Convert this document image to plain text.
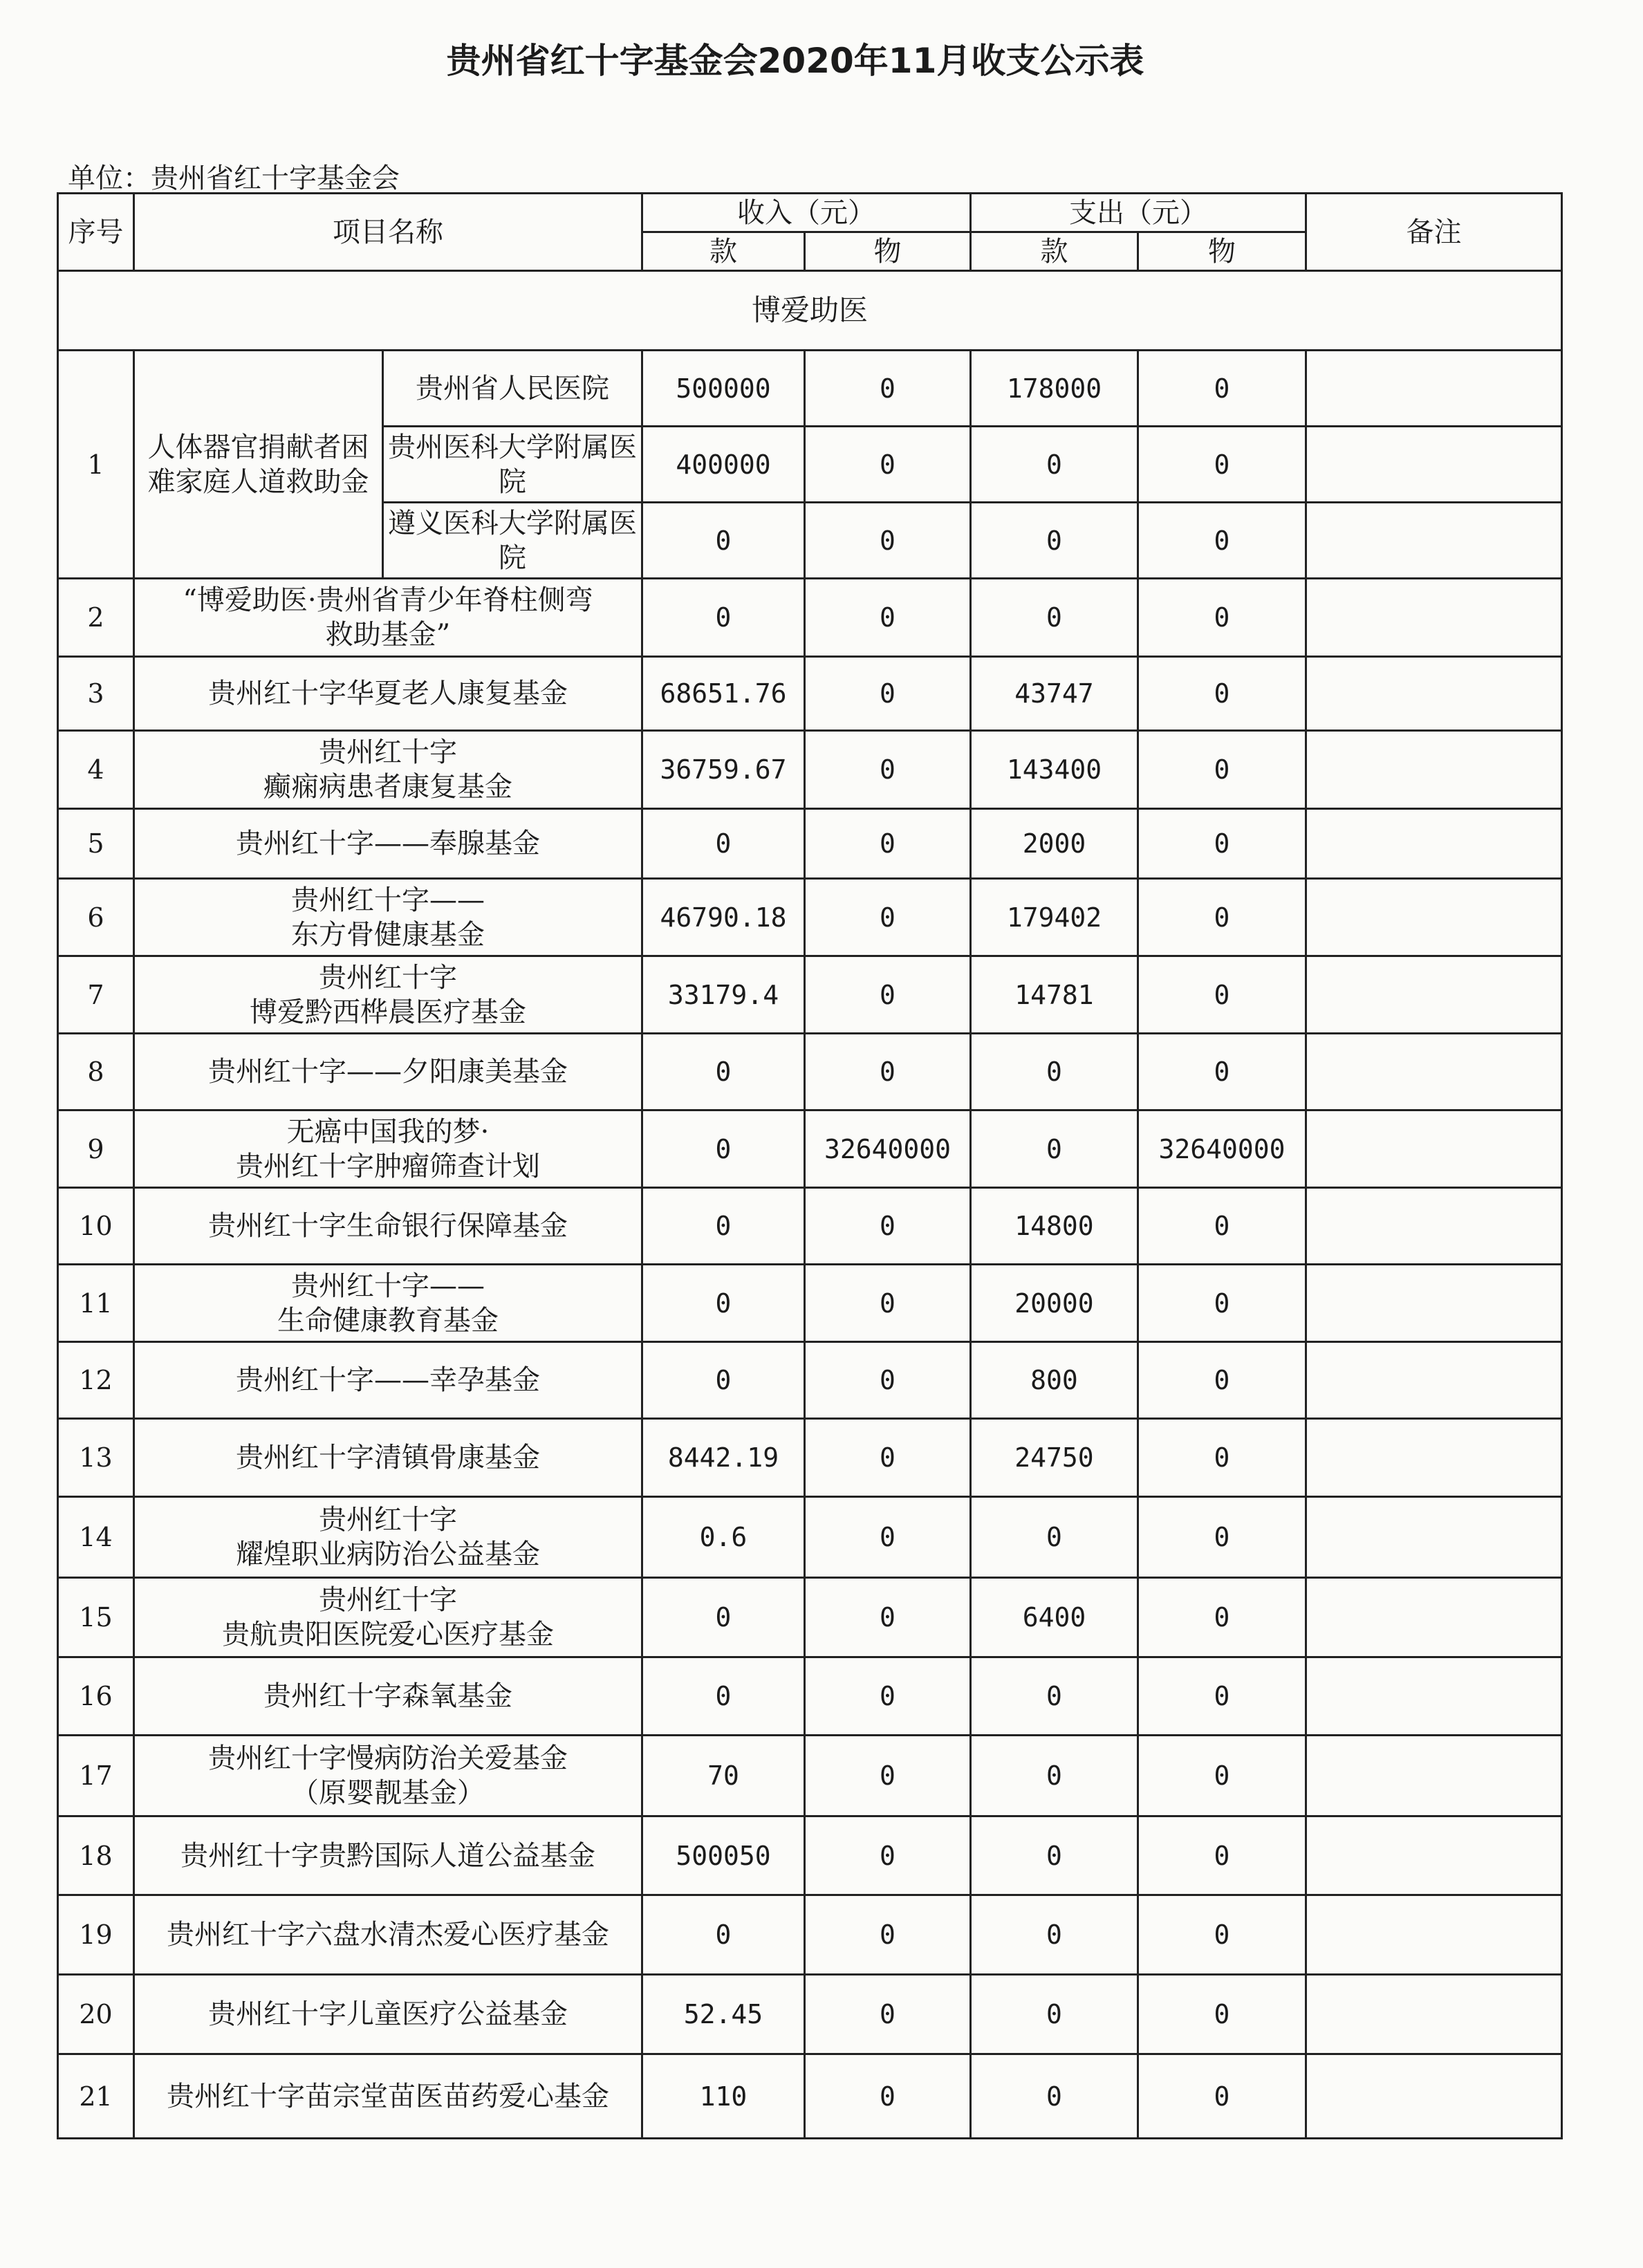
贵州省红十字基金会2020年11月收支公示表
单位：贵州省红十字基金会
序号	项目名称		收入（元）		支出（元）		备注
			款	物	款	物	
博爱助医							
1	人体器官捐献者困难家庭人道救助金	贵州省人民医院	500000	0	178000	0	
		贵州医科大学附属医院	400000	0	0	0	
		遵义医科大学附属医院	0	0	0	0	
2	“博爱助医·贵州省青少年脊柱侧弯
救助基金”		0	0	0	0	
3	贵州红十字华夏老人康复基金		68651.76	0	43747	0	
4	贵州红十字
癫痫病患者康复基金		36759.67	0	143400	0	
5	贵州红十字——奉腺基金		0	0	2000	0	
6	贵州红十字——
东方骨健康基金		46790.18	0	179402	0	
7	贵州红十字
博爱黔西桦晨医疗基金		33179.4	0	14781	0	
8	贵州红十字——夕阳康美基金		0	0	0	0	
9	无癌中国我的梦·
贵州红十字肿瘤筛查计划		0	32640000	0	32640000	
10	贵州红十字生命银行保障基金		0	0	14800	0	
11	贵州红十字——
生命健康教育基金		0	0	20000	0	
12	贵州红十字——幸孕基金		0	0	800	0	
13	贵州红十字清镇骨康基金		8442.19	0	24750	0	
14	贵州红十字
耀煌职业病防治公益基金		0.6	0	0	0	
15	贵州红十字
贵航贵阳医院爱心医疗基金		0	0	6400	0	
16	贵州红十字森氧基金		0	0	0	0	
17	贵州红十字慢病防治关爱基金
（原婴靓基金）		70	0	0	0	
18	贵州红十字贵黔国际人道公益基金		500050	0	0	0	
19	贵州红十字六盘水清杰爱心医疗基金		0	0	0	0	
20	贵州红十字儿童医疗公益基金		52.45	0	0	0	
21	贵州红十字苗宗堂苗医苗药爱心基金		110	0	0	0	
